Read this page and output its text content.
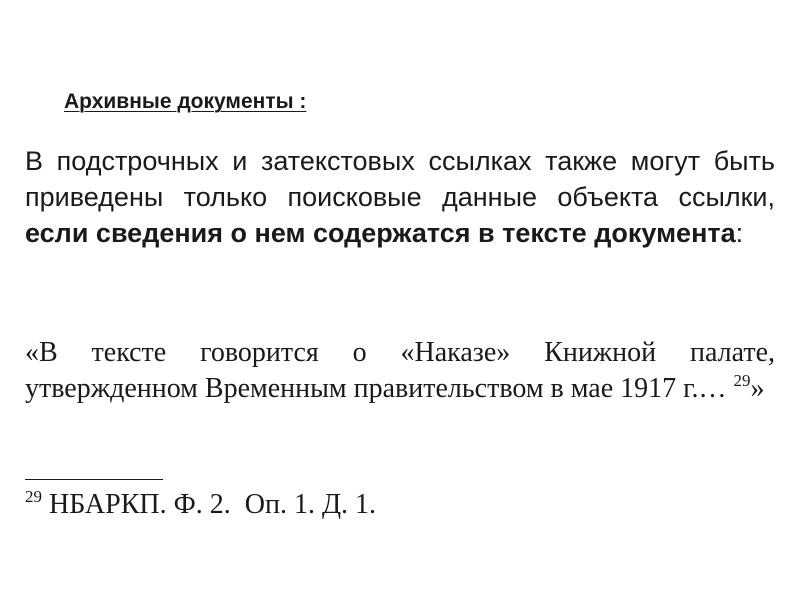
Архивные документы :
В подстрочных и затекстовых ссылках также могут быть приведены только поисковые данные объекта ссылки, если сведения о нем содержатся в тексте документа:
«В тексте говорится о «Наказе» Книжной палате, утвержденном Временным правительством в мае 1917 г.… $^{29}$»
$^{29}$ НБАРКП. Ф. 2.  Оп. 1. Д. 1.
